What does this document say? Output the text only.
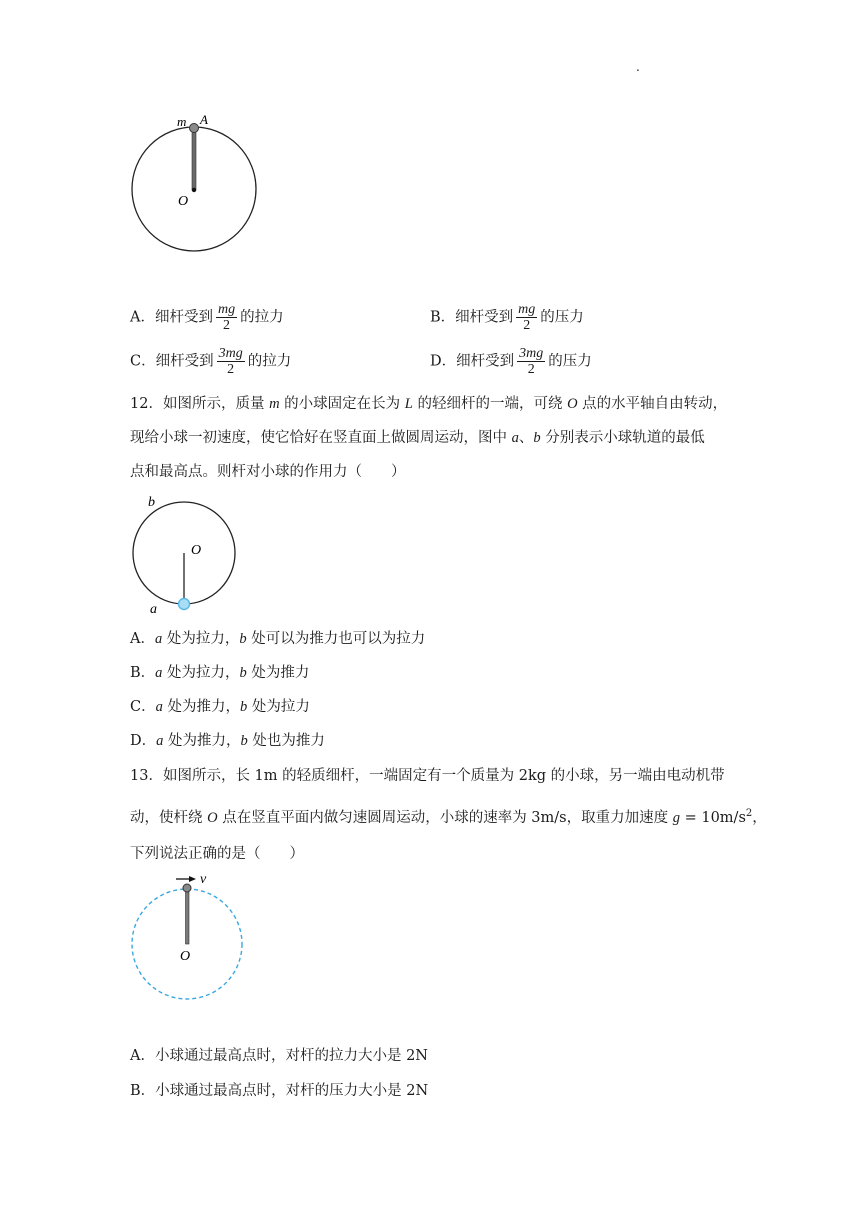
.
m A
O
A．细杆受到 $\frac{mg}{2}$ 的拉力	B．细杆受到 $\frac{mg}{2}$ 的压力
C．细杆受到 $\frac{3mg}{2}$ 的拉力	D．细杆受到 $\frac{3mg}{2}$ 的压力
12．如图所示，质量 m 的小球固定在长为 L 的轻细杆的一端，可绕 O 点的水平轴自由转动，
现给小球一初速度，使它恰好在竖直面上做圆周运动，图中 a、b 分别表示小球轨道的最低
点和最高点。则杆对小球的作用力（　　）
b
O
a
A．a 处为拉力，b 处可以为推力也可以为拉力
B．a 处为拉力，b 处为推力
C．a 处为推力，b 处为拉力
D．a 处为推力，b 处也为推力
13．如图所示，长 1m 的轻质细杆，一端固定有一个质量为 2kg 的小球，另一端由电动机带
动，使杆绕 O 点在竖直平面内做匀速圆周运动，小球的速率为 3m/s，取重力加速度 $g = 10m/s^2$，
下列说法正确的是（　　）
v
O
A．小球通过最高点时，对杆的拉力大小是 2N
B．小球通过最高点时，对杆的压力大小是 2N
